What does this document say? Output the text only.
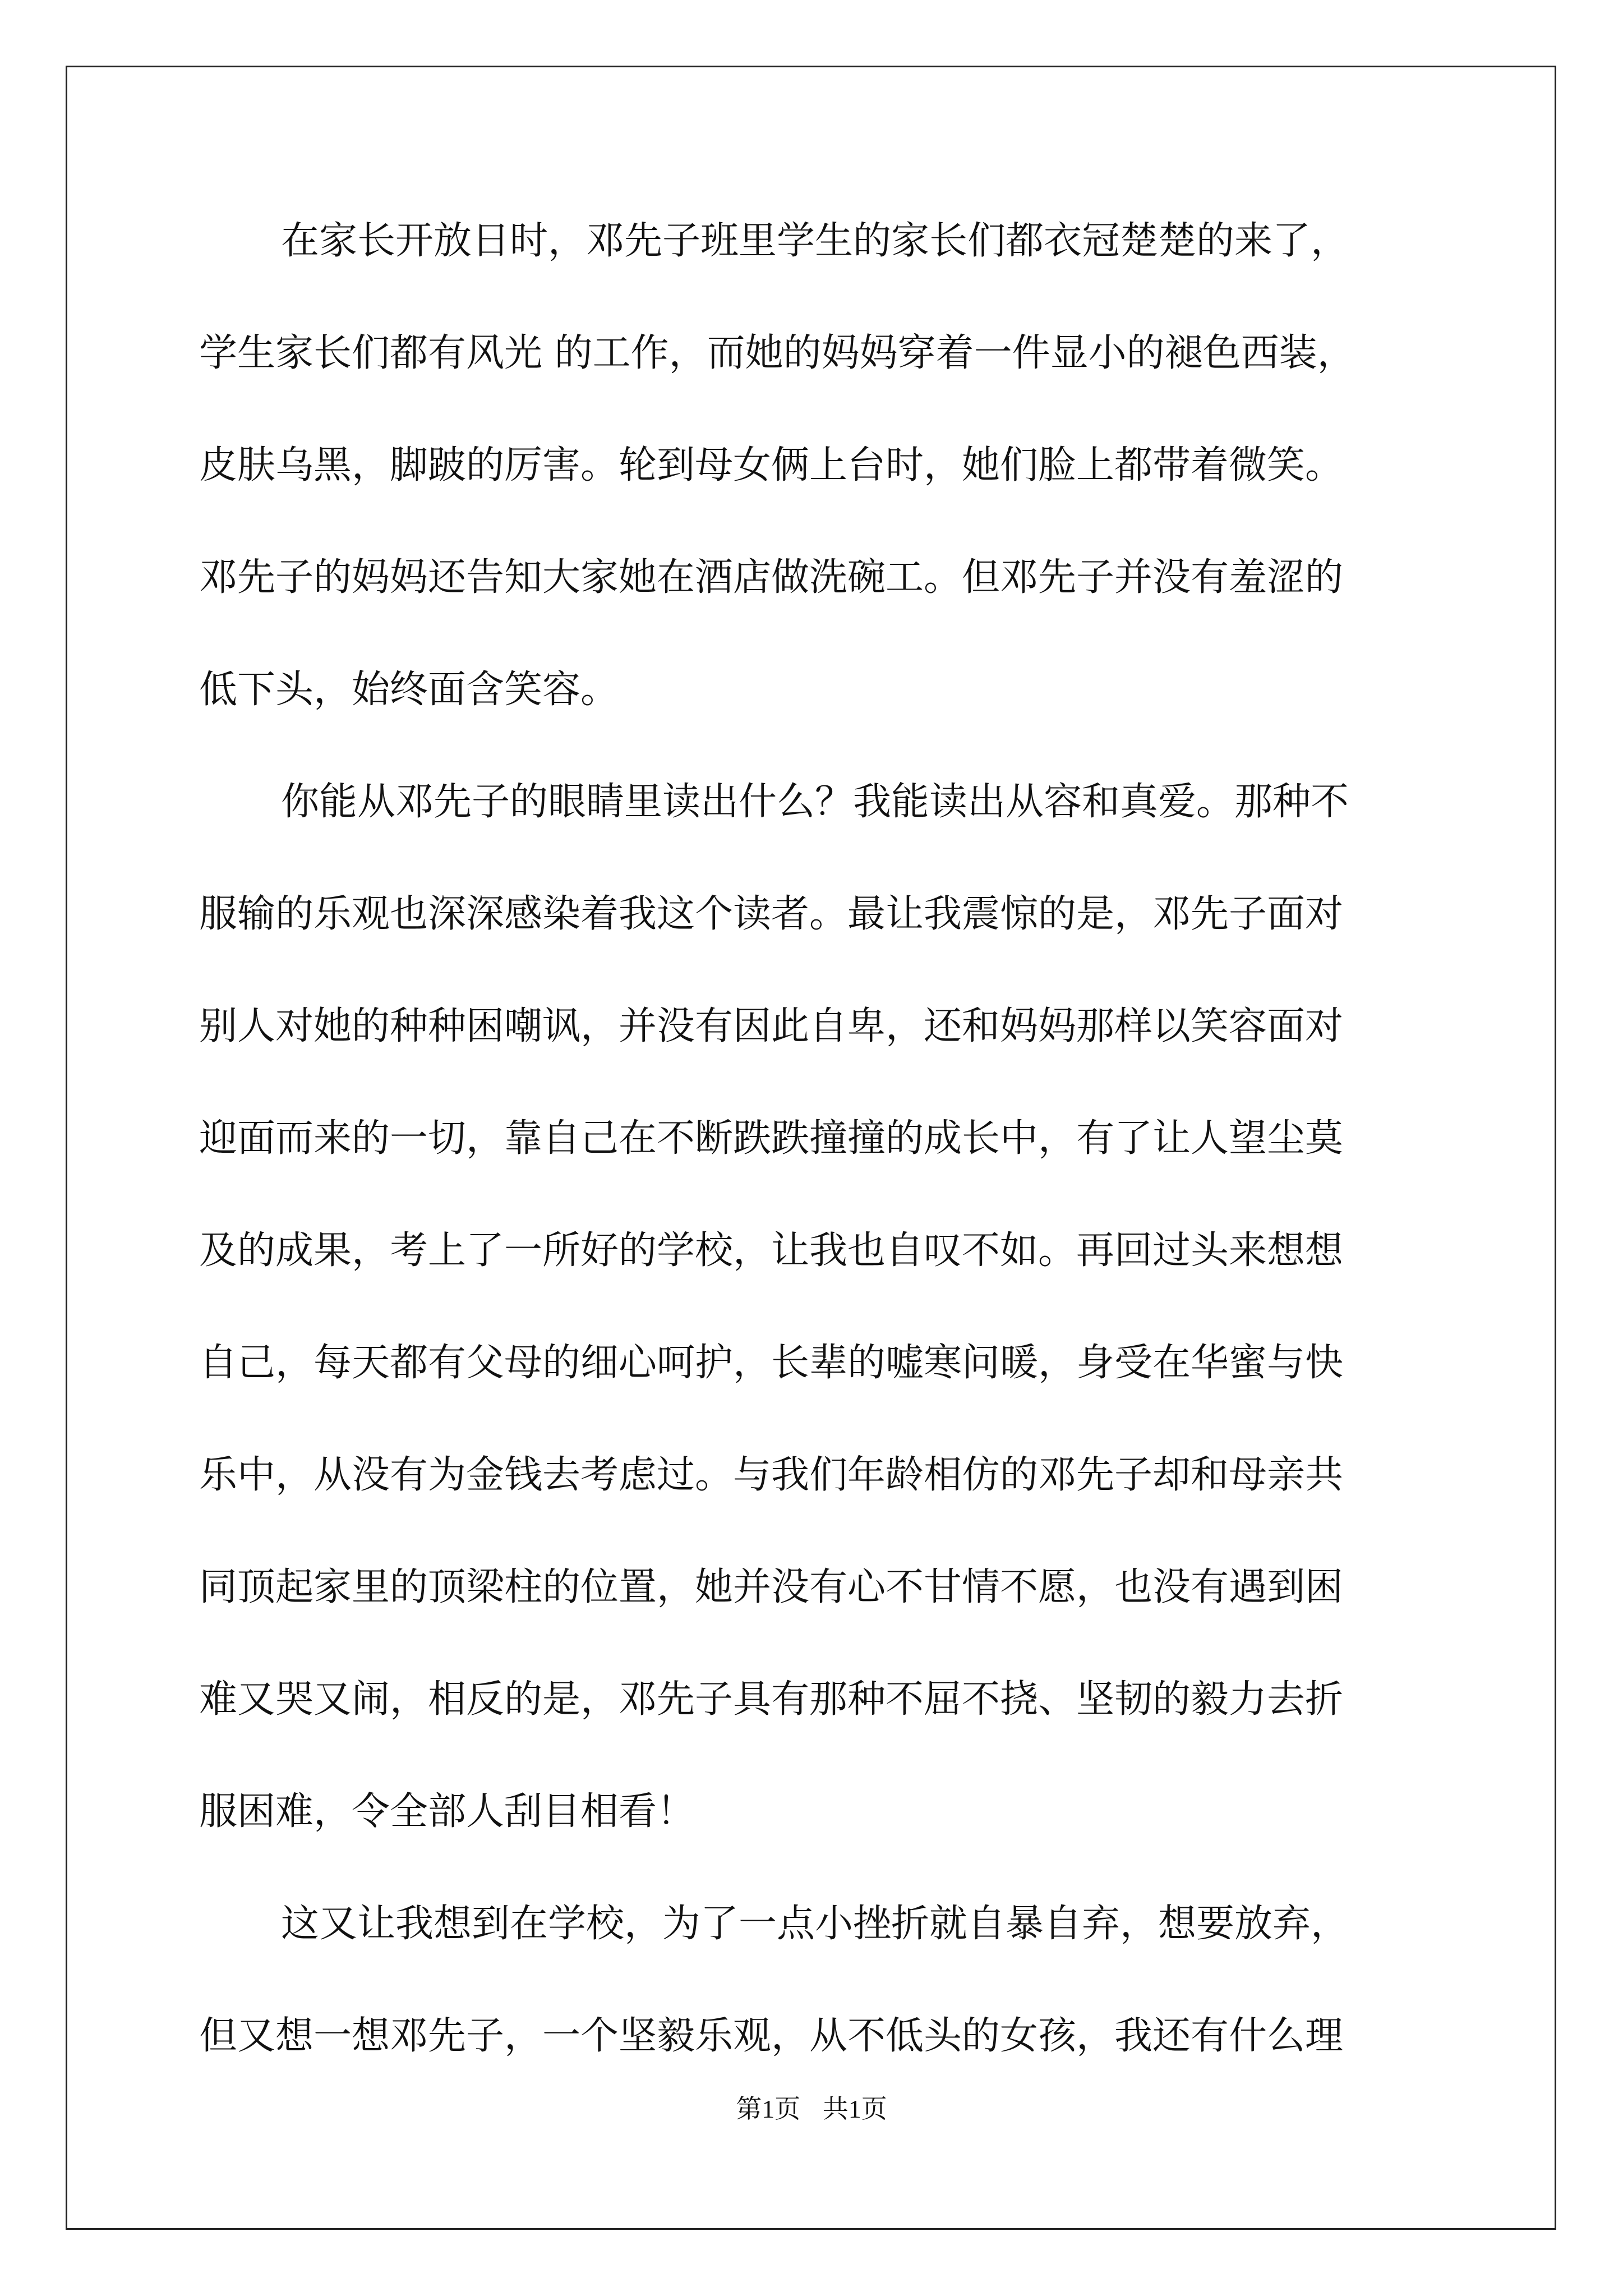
在家长开放日时，邓先子班里学生的家长们都衣冠楚楚的来了，
学生家长们都有风光 的工作，而她的妈妈穿着一件显小的褪色西装，
皮肤乌黑，脚跛的厉害。轮到母女俩上台时，她们脸上都带着微笑。
邓先子的妈妈还告知大家她在酒店做洗碗工。但邓先子并没有羞涩的
低下头，始终面含笑容。
你能从邓先子的眼睛里读出什么？我能读出从容和真爱。那种不
服输的乐观也深深感染着我这个读者。最让我震惊的是，邓先子面对
别人对她的种种困嘲讽，并没有因此自卑，还和妈妈那样以笑容面对
迎面而来的一切，靠自己在不断跌跌撞撞的成长中，有了让人望尘莫
及的成果，考上了一所好的学校，让我也自叹不如。再回过头来想想
自己，每天都有父母的细心呵护，长辈的嘘寒问暖，身受在华蜜与快
乐中，从没有为金钱去考虑过。与我们年龄相仿的邓先子却和母亲共
同顶起家里的顶梁柱的位置，她并没有心不甘情不愿，也没有遇到困
难又哭又闹，相反的是，邓先子具有那种不屈不挠、坚韧的毅力去折
服困难，令全部人刮目相看！
这又让我想到在学校，为了一点小挫折就自暴自弃，想要放弃，
但又想一想邓先子，一个坚毅乐观，从不低头的女孩，我还有什么理
第1页 共1页
